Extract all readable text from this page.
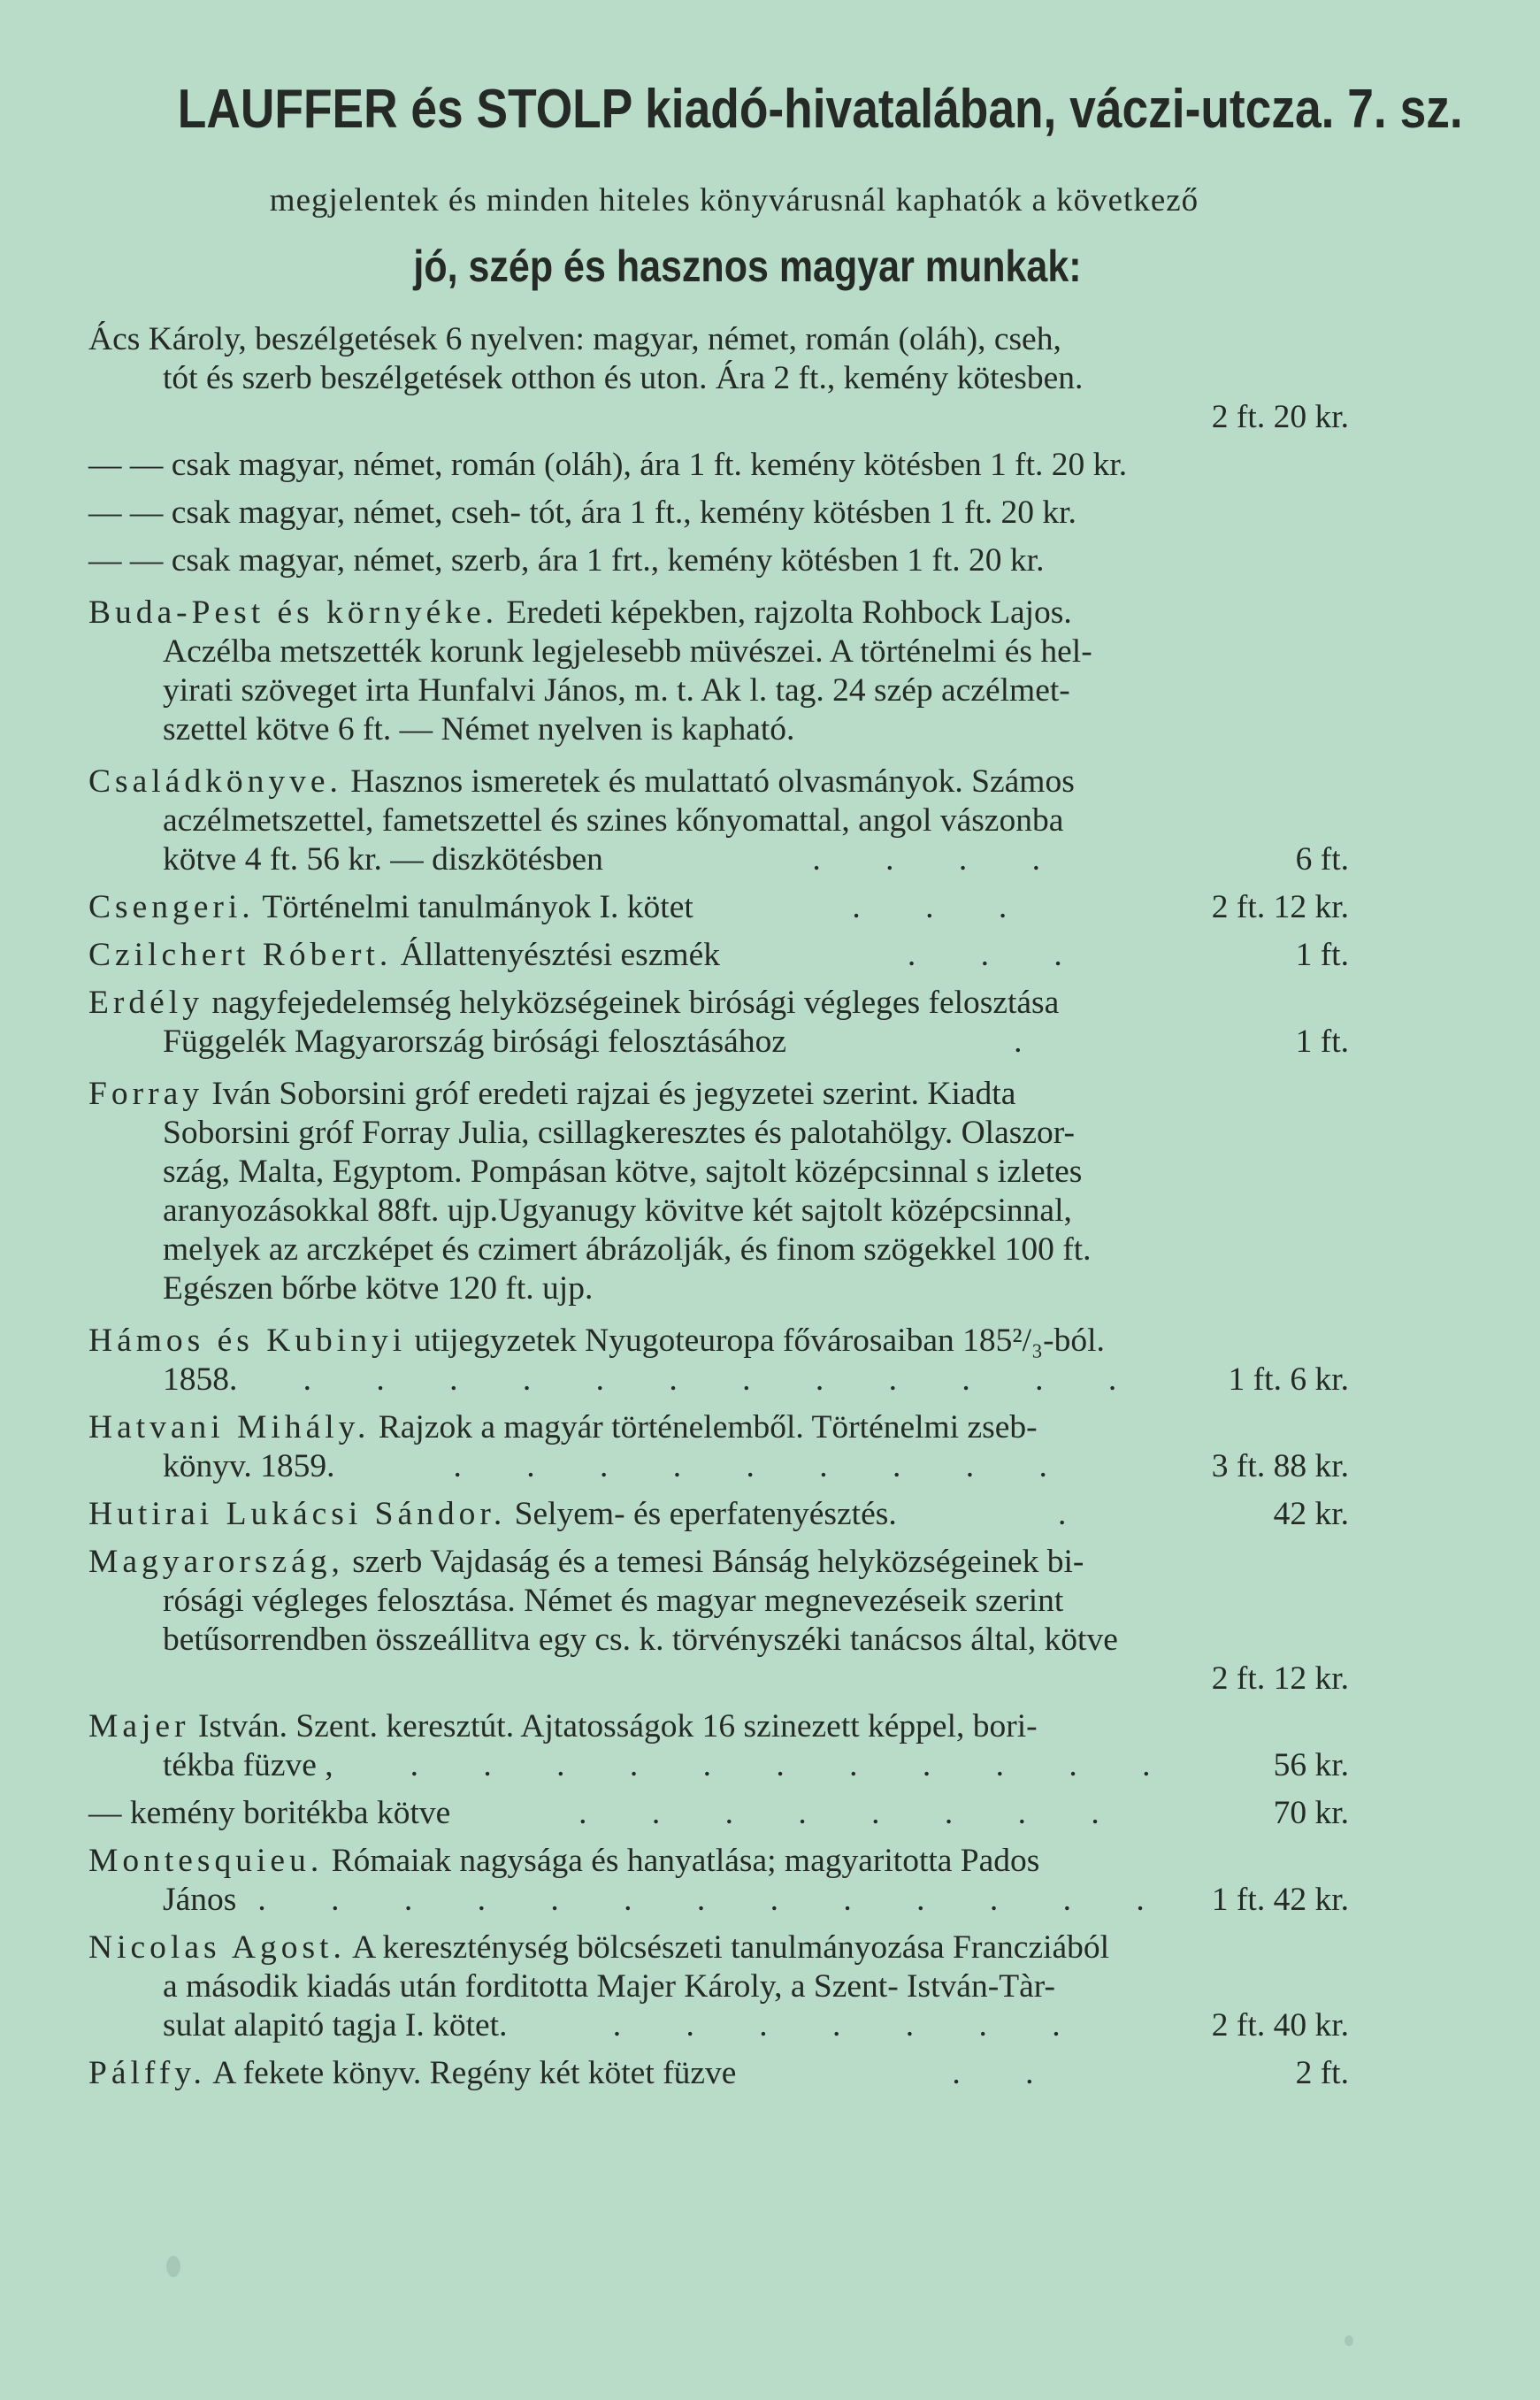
LAUFFER és STOLP kiadó-hivatalában, váczi-utcza. 7. sz.
megjelentek és minden hiteles könyvárusnál kaphatók a következő
jó, szép és hasznos magyar munkak:
Ács Károly, beszélgetések 6 nyelven: magyar, német, román (oláh), cseh,
tót és szerb beszélgetések otthon és uton. Ára 2 ft., kemény kötesben.
2 ft. 20 kr.
— — csak magyar, német, román (oláh), ára 1 ft. kemény kötésben 1 ft. 20 kr.
— — csak magyar, német, cseh- tót, ára 1 ft., kemény kötésben 1 ft. 20 kr.
— — csak magyar, német, szerb, ára 1 frt., kemény kötésben 1 ft. 20 kr.
Buda-Pest és környéke. Eredeti képekben, rajzolta Rohbock Lajos.
Aczélba metszették korunk legjelesebb müvészei. A történelmi és hel-
yirati szöveget irta Hunfalvi János, m. t. Ak l. tag. 24 szép aczélmet-
szettel kötve 6 ft. — Német nyelven is kapható.
Családkönyve. Hasznos ismeretek és mulattató olvasmányok. Számos
aczélmetszettel, fametszettel és szines kőnyomattal, angol vászonba
kötve 4 ft. 56 kr. — diszkötésben	. . . .	6 ft.
Csengeri. Történelmi tanulmányok I. kötet	. . .	2 ft. 12 kr.
Czilchert Róbert. Állattenyésztési eszmék	. . .	1 ft.
Erdély nagyfejedelemség helyközségeinek birósági végleges felosztása
Függelék Magyarország birósági felosztásához	.	1 ft.
Forray Iván Soborsini gróf eredeti rajzai és jegyzetei szerint. Kiadta
Soborsini gróf Forray Julia, csillagkeresztes és palotahölgy. Olaszor-
szág, Malta, Egyptom. Pompásan kötve, sajtolt középcsinnal s izletes
aranyozásokkal 88ft. ujp.Ugyanugy kövitve két sajtolt középcsinnal,
melyek az arczképet és czimert ábrázolják, és finom szögekkel 100 ft.
Egészen bőrbe kötve 120 ft. ujp.
Hámos és Kubinyi utijegyzetek Nyugoteuropa fővárosaiban 185²/₃-ból.
1858. . . . . . . . . . . . .	1 ft. 6 kr.
Hatvani Mihály. Rajzok a magyár történelemből. Történelmi zseb-
könyv. 1859.	. . . . . . . . .	3 ft. 88 kr.
Hutirai Lukácsi Sándor. Selyem- és eperfatenyésztés.	.	42 kr.
Magyarország, szerb Vajdaság és a temesi Bánság helyközségeinek bi-
rósági végleges felosztása. Német és magyar megnevezéseik szerint
betűsorrendben összeállitva egy cs. k. törvényszéki tanácsos által, kötve
2 ft. 12 kr.
Majer István. Szent. keresztút. Ajtatosságok 16 szinezett képpel, bori-
tékba füzve , . . . . . . . . . . .	56 kr.
— kemény boritékba kötve	. . . . . . . .	70 kr.
Montesquieu. Rómaiak nagysága és hanyatlása; magyaritotta Pados
János . . . . . . . . . . . . . 1 ft. 42 kr.
Nicolas Agost. A kereszténység bölcsészeti tanulmányozása Francziából
a második kiadás után forditotta Majer Károly, a Szent- István-Tàr-
sulat alapitó tagja I. kötet.	. . . . . . .	2 ft. 40 kr.
Pálffy. A fekete könyv. Regény két kötet füzve	. .	2 ft.
